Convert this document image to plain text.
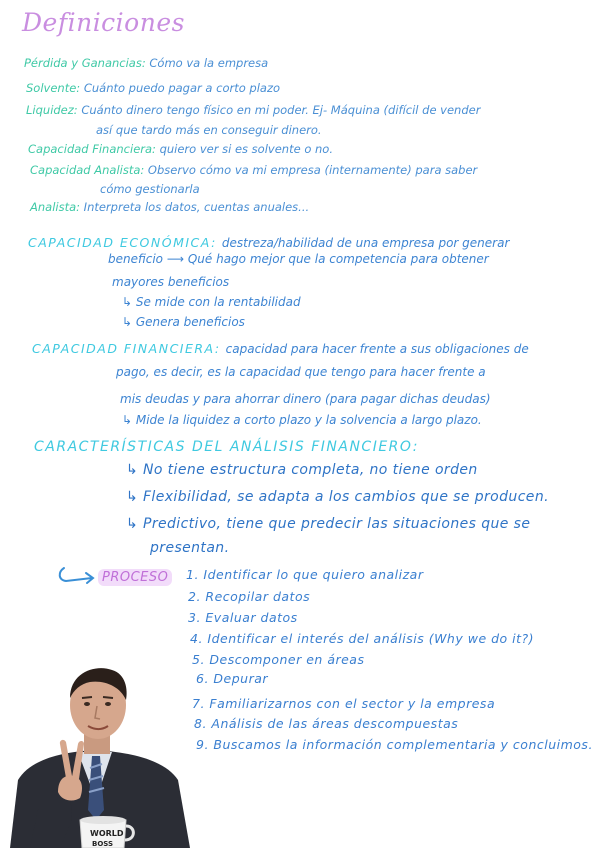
Definiciones
Pérdida y Ganancias: Cómo va la empresa
Solvente: Cuánto puedo pagar a corto plazo
Liquidez: Cuánto dinero tengo físico en mi poder. Ej- Máquina (difícil de vender
así que tardo más en conseguir dinero.
Capacidad Financiera: quiero ver si es solvente o no.
Capacidad Analista: Observo cómo va mi empresa (internamente) para saber
cómo gestionarla
Analista: Interpreta los datos, cuentas anuales...
CAPACIDAD ECONÓMICA: destreza/habilidad de una empresa por generar
beneficio ⟶ Qué hago mejor que la competencia para obtener
mayores beneficios
↳ Se mide con la rentabilidad
↳ Genera beneficios
CAPACIDAD FINANCIERA: capacidad para hacer frente a sus obligaciones de
pago, es decir, es la capacidad que tengo para hacer frente a
mis deudas y para ahorrar dinero (para pagar dichas deudas)
↳ Mide la liquidez a corto plazo y la solvencia a largo plazo.
CARACTERÍSTICAS DEL ANÁLISIS FINANCIERO:
↳ No tiene estructura completa, no tiene orden
↳ Flexibilidad, se adapta a los cambios que se producen.
↳ Predictivo, tiene que predecir las situaciones que se
presentan.
PROCESO	1. Identificar lo que quiero analizar
2. Recopilar datos
3. Evaluar datos
4. Identificar el interés del análisis (Why we do it?)
5. Descomponer en áreas
6. Depurar
7. Familiarizarnos con el sector y la empresa
8. Análisis de las áreas descompuestas
9. Buscamos la información complementaria y concluimos.
WORLD
BOSS
